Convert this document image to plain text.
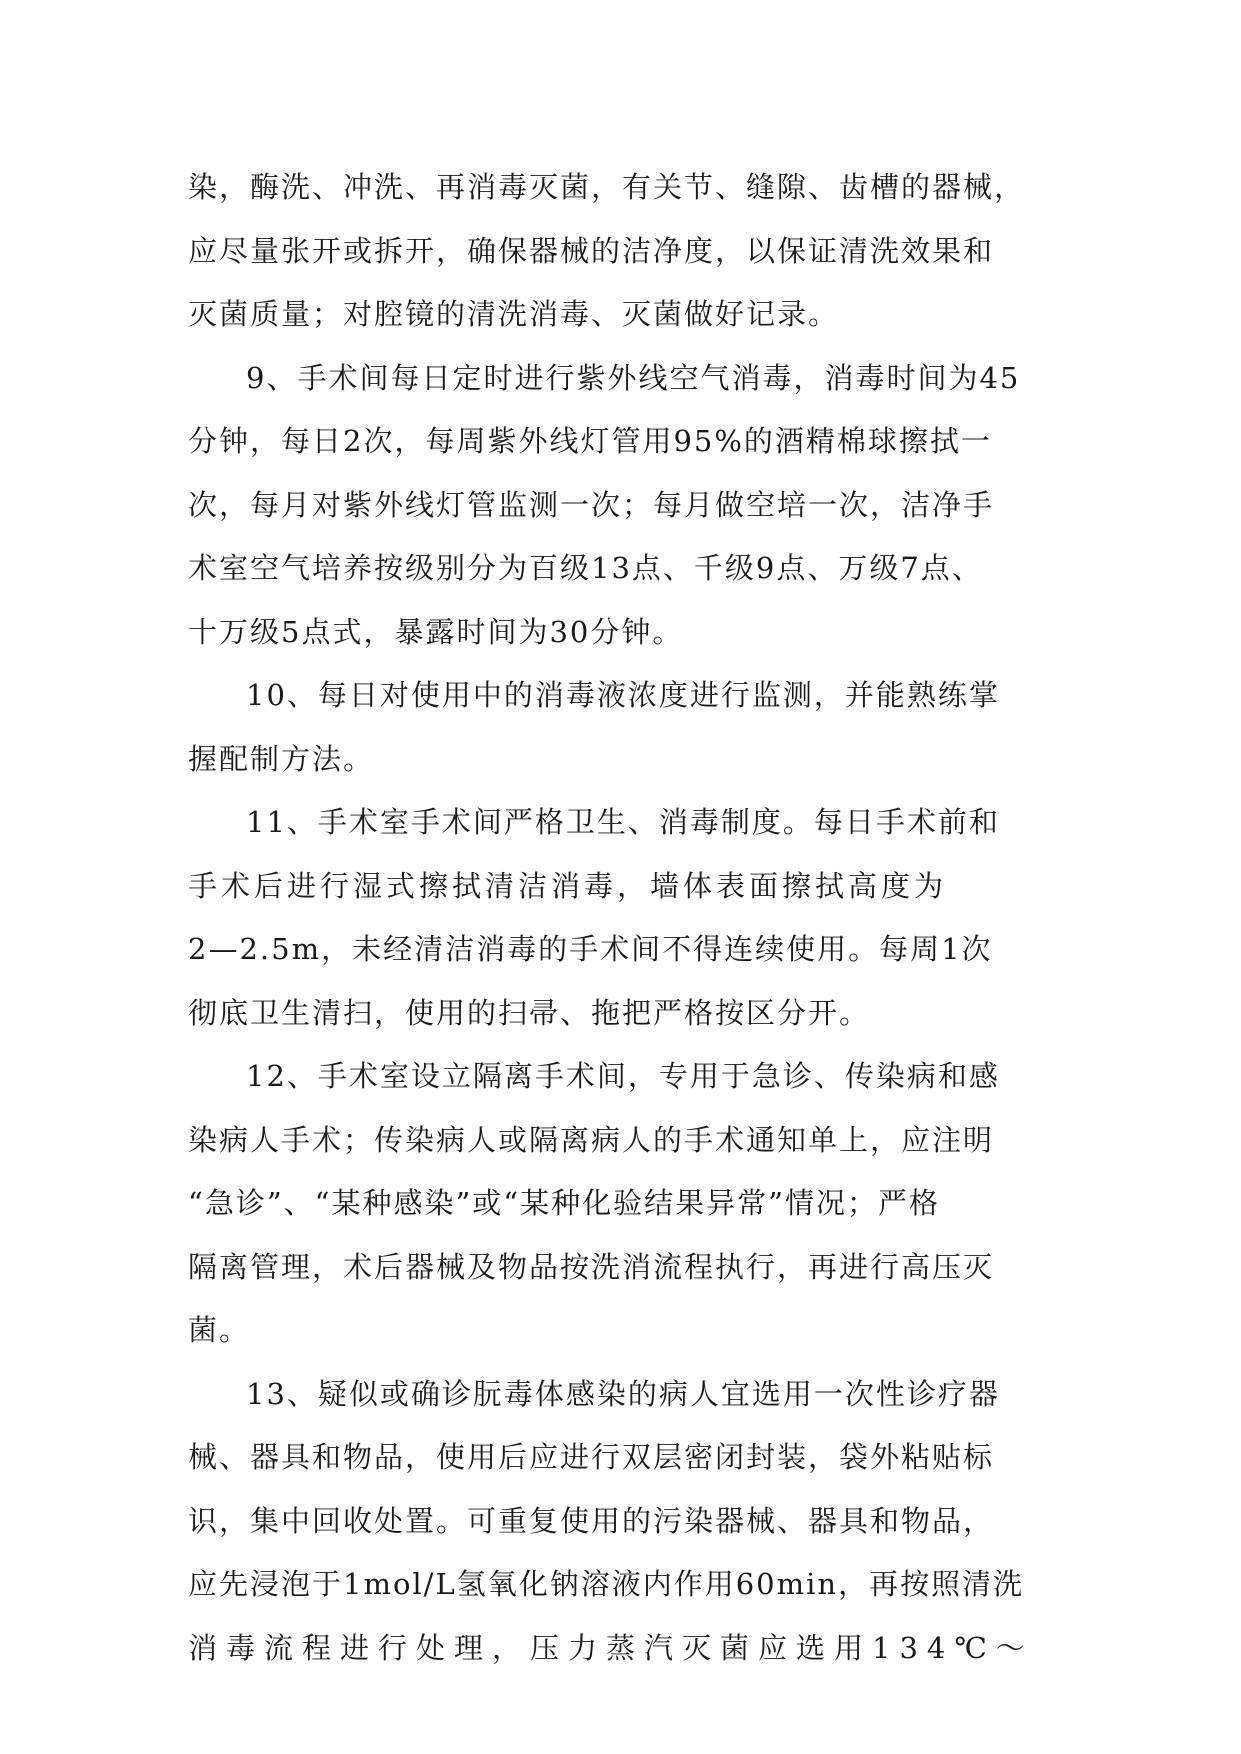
染，酶洗、冲洗、再消毒灭菌，有关节、缝隙、齿槽的器械，
应尽量张开或拆开，确保器械的洁净度，以保证清洗效果和
灭菌质量；对腔镜的清洗消毒、灭菌做好记录。
9、手术间每日定时进行紫外线空气消毒，消毒时间为45
分钟，每日2次，每周紫外线灯管用95%的酒精棉球擦拭一
次，每月对紫外线灯管监测一次；每月做空培一次，洁净手
术室空气培养按级别分为百级13点、千级9点、万级7点、
十万级5点式，暴露时间为30分钟。
10、每日对使用中的消毒液浓度进行监测，并能熟练掌
握配制方法。
11、手术室手术间严格卫生、消毒制度。每日手术前和
手术后进行湿式擦拭清洁消毒，墙体表面擦拭高度为
2—2.5m，未经清洁消毒的手术间不得连续使用。每周1次
彻底卫生清扫，使用的扫帚、拖把严格按区分开。
12、手术室设立隔离手术间，专用于急诊、传染病和感
染病人手术；传染病人或隔离病人的手术通知单上，应注明
“急诊”、“某种感染”或“某种化验结果异常”情况；严格
隔离管理，术后器械及物品按洗消流程执行，再进行高压灭
菌。
13、疑似或确诊朊毒体感染的病人宜选用一次性诊疗器
械、器具和物品，使用后应进行双层密闭封装，袋外粘贴标
识，集中回收处置。可重复使用的污染器械、器具和物品，
应先浸泡于1mol/L氢氧化钠溶液内作用60min，再按照清洗
消毒流程进行处理，压力蒸汽灭菌应选用134℃～
